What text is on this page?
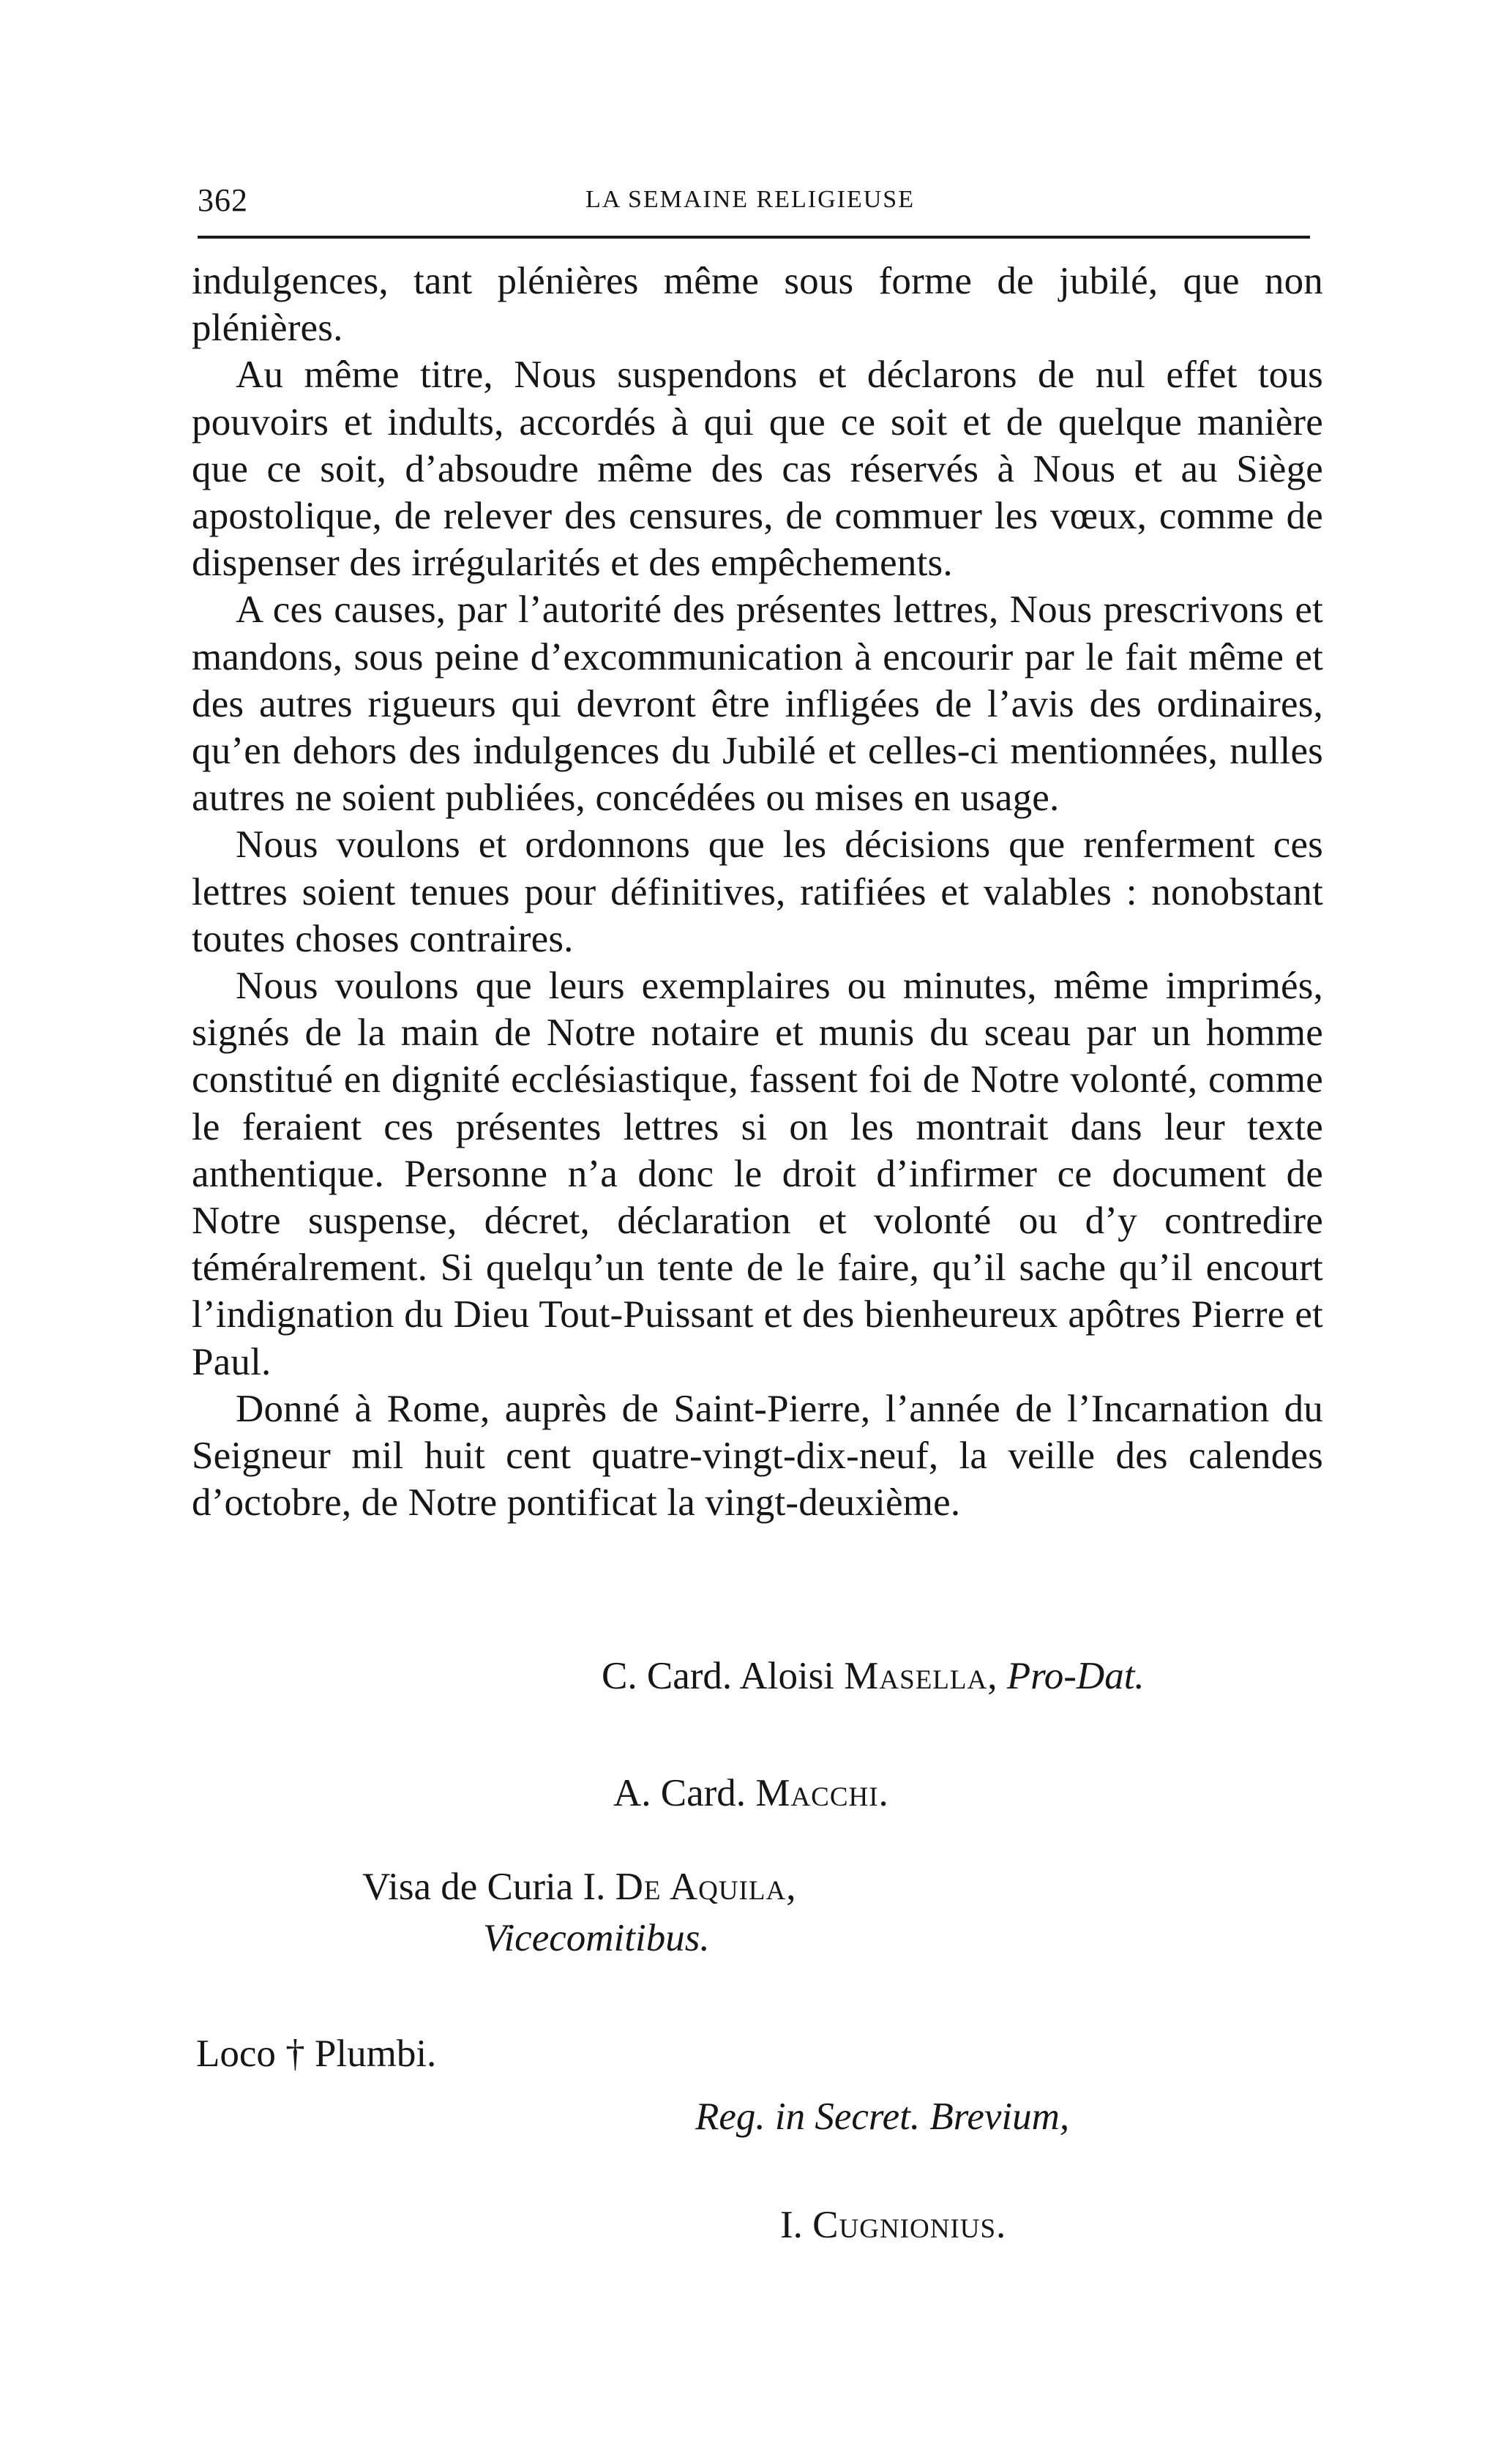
362	LA SEMAINE RELIGIEUSE

indulgences, tant plénières même sous forme de jubilé, que non plénières.

Au même titre, Nous suspendons et déclarons de nul effet tous pouvoirs et indults, accordés à qui que ce soit et de quelque manière que ce soit, d’absoudre même des cas réservés à Nous et au Siège apostolique, de relever des censures, de commuer les vœux, comme de dispenser des irrégularités et des empêchements.

A ces causes, par l’autorité des présentes lettres, Nous prescrivons et mandons, sous peine d’excommunication à encourir par le fait même et des autres rigueurs qui devront être infligées de l’avis des ordinaires, qu’en dehors des indulgences du Jubilé et celles-ci mentionnées, nulles autres ne soient publiées, concédées ou mises en usage.

Nous voulons et ordonnons que les décisions que renferment ces lettres soient tenues pour définitives, ratifiées et valables : nonobstant toutes choses contraires.

Nous voulons que leurs exemplaires ou minutes, même imprimés, signés de la main de Notre notaire et munis du sceau par un homme constitué en dignité ecclésiastique, fassent foi de Notre volonté, comme le feraient ces présentes lettres si on les montrait dans leur texte anthentique. Personne n’a donc le droit d’infirmer ce document de Notre suspense, décret, déclaration et volonté ou d’y contredire téméralrement. Si quelqu’un tente de le faire, qu’il sache qu’il encourt l’indignation du Dieu Tout-Puissant et des bienheureux apôtres Pierre et Paul.

Donné à Rome, auprès de Saint-Pierre, l’année de l’Incarnation du Seigneur mil huit cent quatre-vingt-dix-neuf, la veille des calendes d’octobre, de Notre pontificat la vingt-deuxième.

C. Card. Aloisi Masella, Pro-Dat.
A. Card. Macchi.
Visa de Curia I. De Aquila,
Vicecomitibus.
Loco † Plumbi.
Reg. in Secret. Brevium,
I. Cugnionius.
